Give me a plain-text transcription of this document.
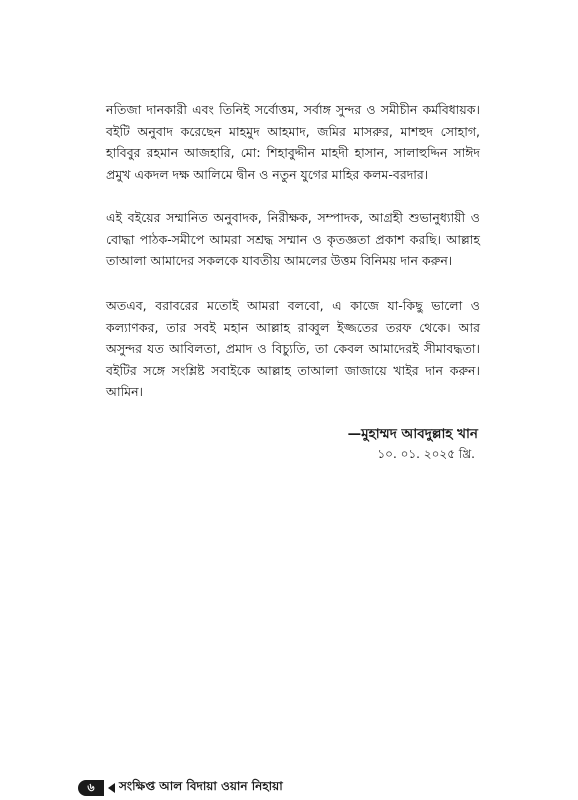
নতিজা দানকারী এবং তিনিই সর্বোত্তম, সর্বাঙ্গ সুন্দর ও সমীচীন কর্মবিধায়ক। বইটি অনুবাদ করেছেন মাহমুদ আহমাদ, জমির মাসরুর, মাশহুদ সোহাগ, হাবিবুর রহমান আজহারি, মো: শিহাবুদ্দীন মাহদী হাসান, সালাহুদ্দিন সাঈদ প্রমুখ একদল দক্ষ আলিমে দ্বীন ও নতুন যুগের মাহির কলম-বরদার।
এই বইয়ের সম্মানিত অনুবাদক, নিরীক্ষক, সম্পাদক, আগ্রহী শুভানুধ্যায়ী ও বোদ্ধা পাঠক-সমীপে আমরা সশ্রদ্ধ সম্মান ও কৃতজ্ঞতা প্রকাশ করছি। আল্লাহ তাআলা আমাদের সকলকে যাবতীয় আমলের উত্তম বিনিময় দান করুন।
অতএব, বরাবরের মতোই আমরা বলবো, এ কাজে যা-কিছু ভালো ও কল্যাণকর, তার সবই মহান আল্লাহ রাব্বুল ইজ্জতের তরফ থেকে। আর অসুন্দর যত আবিলতা, প্রমাদ ও বিচ্যুতি, তা কেবল আমাদেরই সীমাবদ্ধতা। বইটির সঙ্গে সংশ্লিষ্ট সবাইকে আল্লাহ তাআলা জাজায়ে খাইর দান করুন। আমিন।
—মুহাম্মদ আবদুল্লাহ খান
১০. ০১. ২০২৫ খ্রি.
৬	সংক্ষিপ্ত আল বিদায়া ওয়ান নিহায়া
